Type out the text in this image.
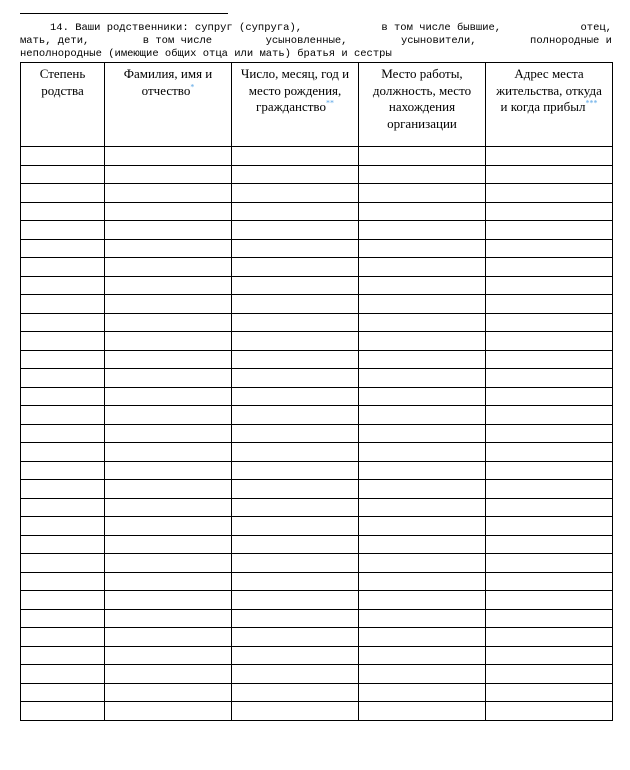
14. Ваши родственники: супруг (супруга),	в том числе бывшие,	отец,
мать, дети,	в том числе	усыновленные,	усыновители,	полнородные и
неполнородные (имеющие общих отца или мать) братья и сестры
Степень родства	Фамилия, имя и отчество*	Число, месяц, год и место рождения, гражданство**	Место работы, должность, место нахождения организации	Адрес места жительства, откуда и когда прибыл***
